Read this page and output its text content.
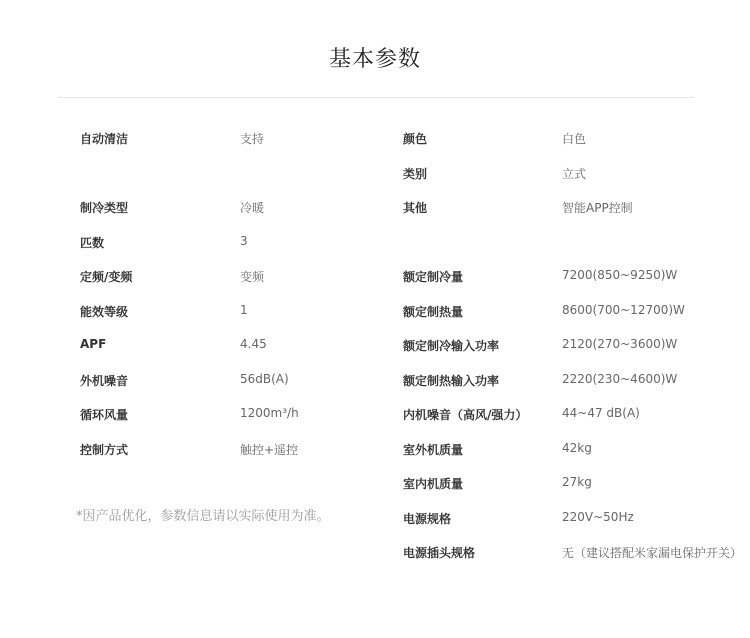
基本参数
自动清洁	支持
制冷类型	冷暖
匹数	3
定频/变频	变频
能效等级	1
APF	4.45
外机噪音	56dB(A)
循环风量	1200m³/h
控制方式	触控+遥控
颜色	白色
类别	立式
其他	智能APP控制
额定制冷量	7200(850~9250)W
额定制热量	8600(700~12700)W
额定制冷输入功率	2120(270~3600)W
额定制热输入功率	2220(230~4600)W
内机噪音（高风/强力）	44~47 dB(A)
室外机质量	42kg
室内机质量	27kg
电源规格	220V~50Hz
电源插头规格	无（建议搭配米家漏电保护开关）
*因产品优化，参数信息请以实际使用为准。
